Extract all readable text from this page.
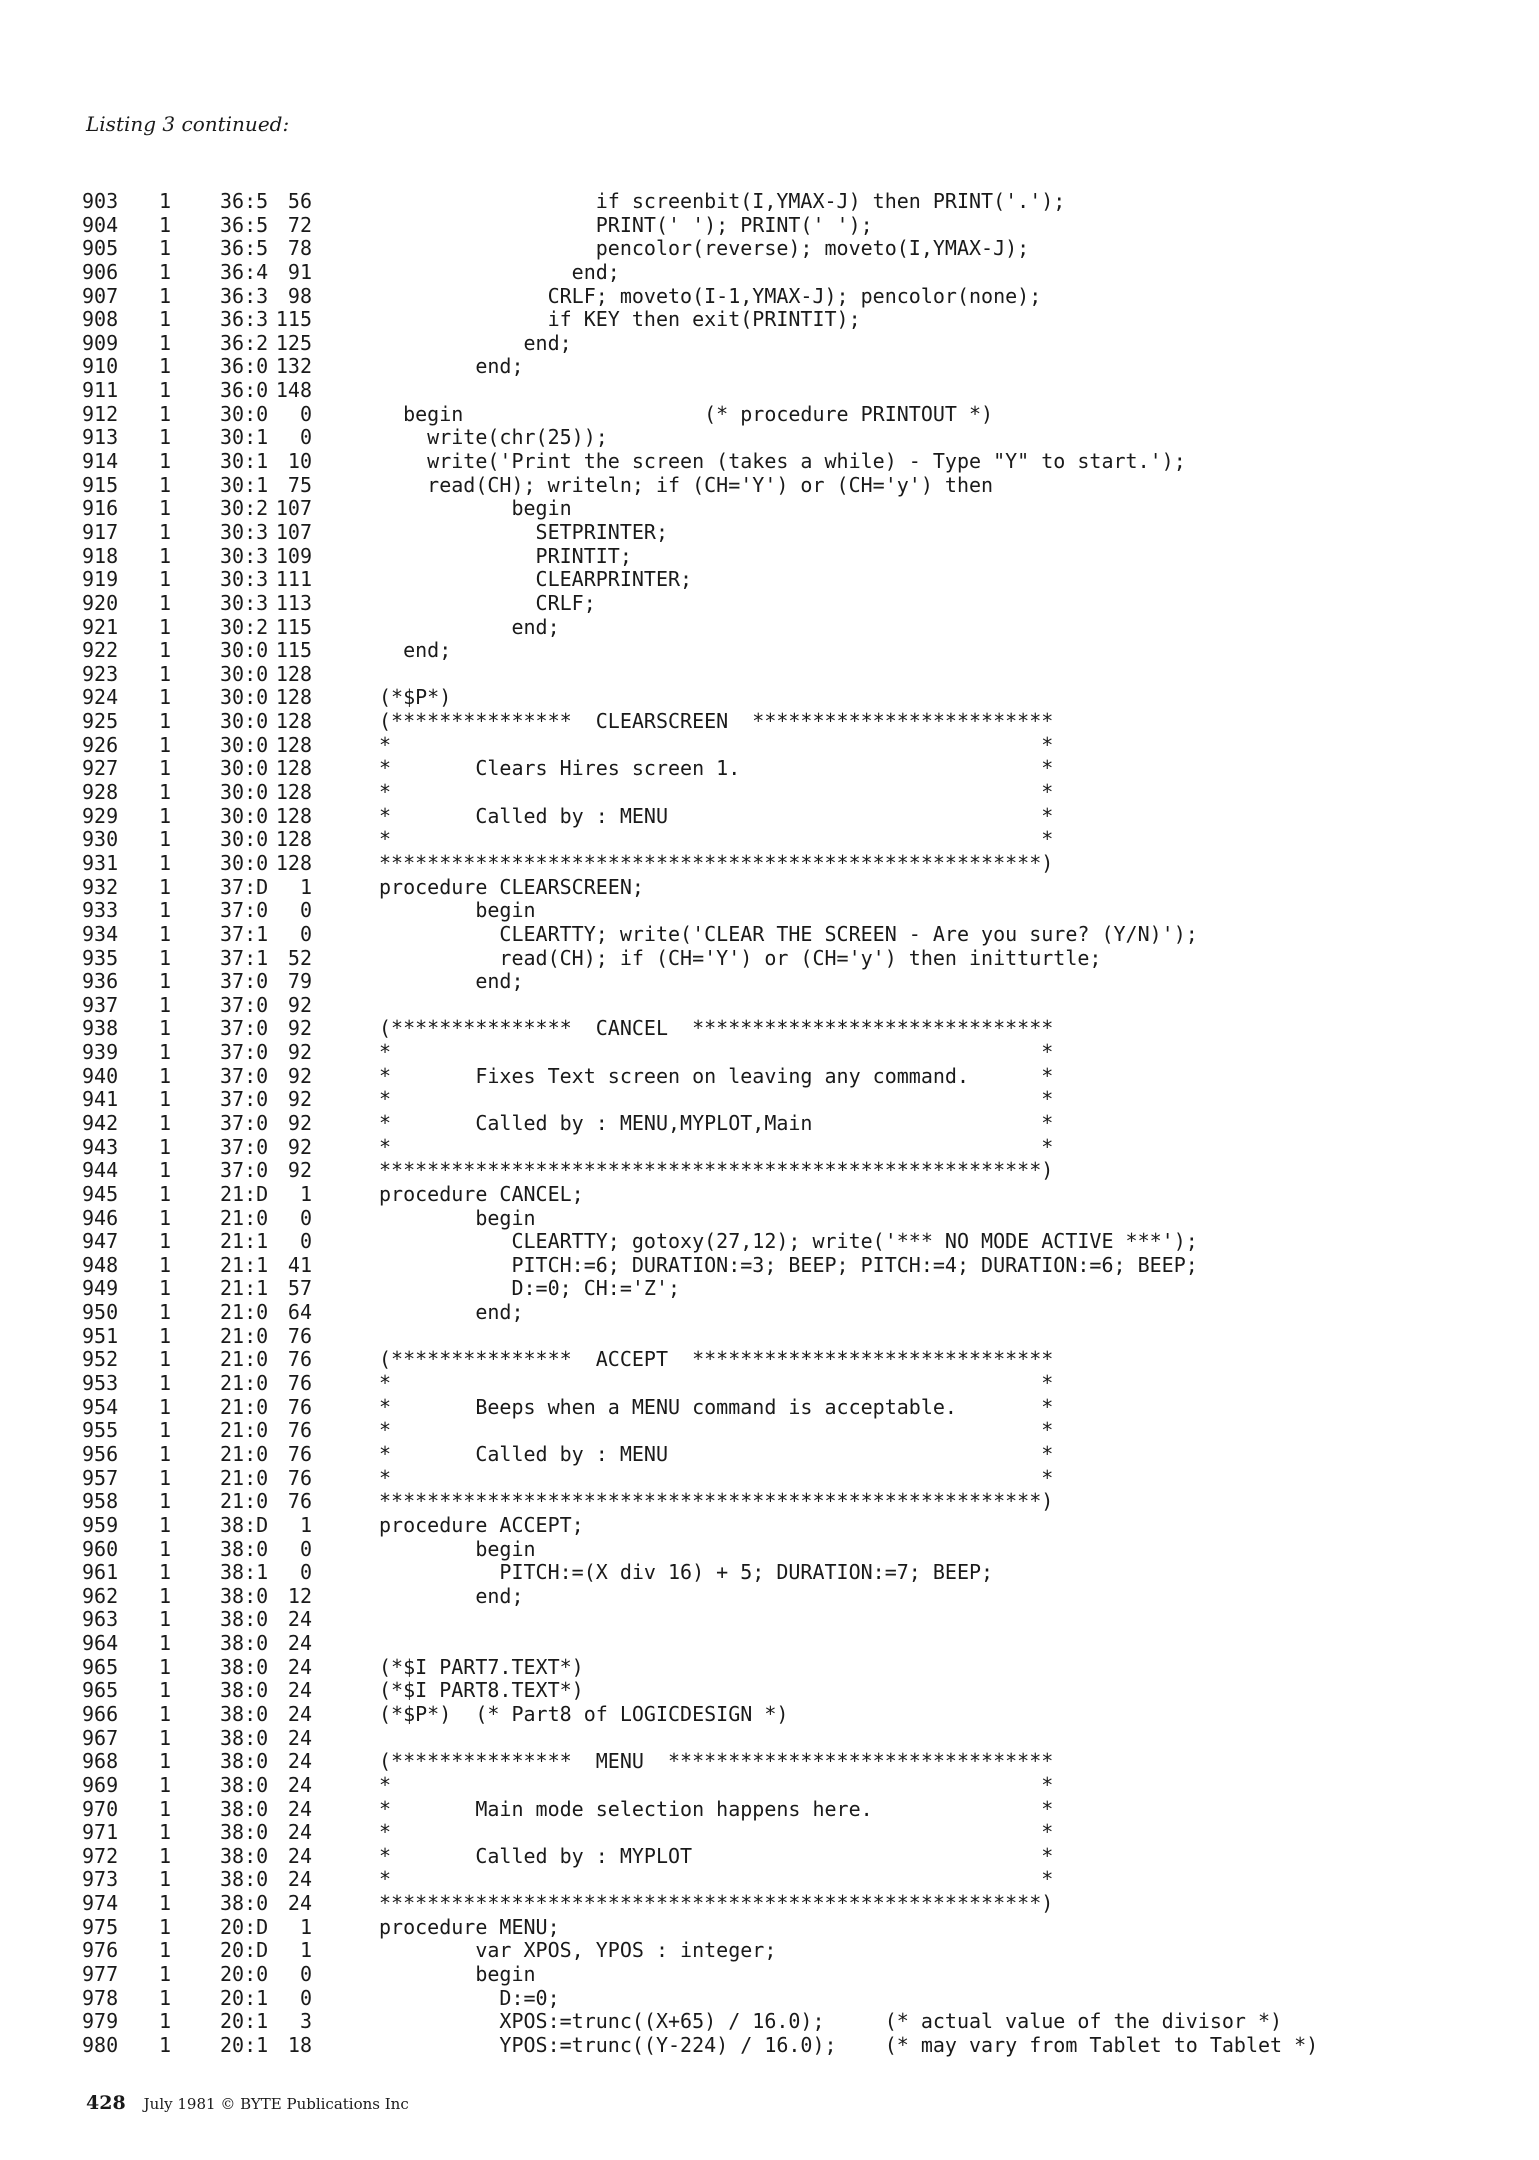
Listing 3 continued:
903 1 36:5 56	if screenbit(I,YMAX-J) then PRINT('.');
904 1 36:5 72	PRINT(' '); PRINT(' ');
905 1 36:5 78	pencolor(reverse); moveto(I,YMAX-J);
906 1 36:4 91	end;
907 1 36:3 98	CRLF; moveto(I-1,YMAX-J); pencolor(none);
908 1 36:3 115	if KEY then exit(PRINTIT);
909 1 36:2 125	end;
910 1 36:0 132	end;
911 1 36:0 148
912 1 30:0 0	begin                    (* procedure PRINTOUT *)
913 1 30:1 0	write(chr(25));
914 1 30:1 10	write('Print the screen (takes a while) - Type "Y" to start.');
915 1 30:1 75	read(CH); writeln; if (CH='Y') or (CH='y') then
916 1 30:2 107	begin
917 1 30:3 107	SETPRINTER;
918 1 30:3 109	PRINTIT;
919 1 30:3 111	CLEARPRINTER;
920 1 30:3 113	CRLF;
921 1 30:2 115	end;
922 1 30:0 115	end;
923 1 30:0 128
924 1 30:0 128	(*$P*)
925 1 30:0 128	(***************  CLEARSCREEN  *************************
926 1 30:0 128	*                                                      *
927 1 30:0 128	*       Clears Hires screen 1.                         *
928 1 30:0 128	*                                                      *
929 1 30:0 128	*       Called by : MENU                               *
930 1 30:0 128	*                                                      *
931 1 30:0 128	*******************************************************)
932 1 37:D 1	procedure CLEARSCREEN;
933 1 37:0 0	begin
934 1 37:1 0	CLEARTTY; write('CLEAR THE SCREEN - Are you sure? (Y/N)');
935 1 37:1 52	read(CH); if (CH='Y') or (CH='y') then initturtle;
936 1 37:0 79	end;
937 1 37:0 92
938 1 37:0 92	(***************  CANCEL  ******************************
939 1 37:0 92	*                                                      *
940 1 37:0 92	*       Fixes Text screen on leaving any command.      *
941 1 37:0 92	*                                                      *
942 1 37:0 92	*       Called by : MENU,MYPLOT,Main                   *
943 1 37:0 92	*                                                      *
944 1 37:0 92	*******************************************************)
945 1 21:D 1	procedure CANCEL;
946 1 21:0 0	begin
947 1 21:1 0	CLEARTTY; gotoxy(27,12); write('*** NO MODE ACTIVE ***');
948 1 21:1 41	PITCH:=6; DURATION:=3; BEEP; PITCH:=4; DURATION:=6; BEEP;
949 1 21:1 57	D:=0; CH:='Z';
950 1 21:0 64	end;
951 1 21:0 76
952 1 21:0 76	(***************  ACCEPT  ******************************
953 1 21:0 76	*                                                      *
954 1 21:0 76	*       Beeps when a MENU command is acceptable.       *
955 1 21:0 76	*                                                      *
956 1 21:0 76	*       Called by : MENU                               *
957 1 21:0 76	*                                                      *
958 1 21:0 76	*******************************************************)
959 1 38:D 1	procedure ACCEPT;
960 1 38:0 0	begin
961 1 38:1 0	PITCH:=(X div 16) + 5; DURATION:=7; BEEP;
962 1 38:0 12	end;
963 1 38:0 24
964 1 38:0 24
965 1 38:0 24	(*$I PART7.TEXT*)
965 1 38:0 24	(*$I PART8.TEXT*)
966 1 38:0 24	(*$P*)  (* Part8 of LOGICDESIGN *)
967 1 38:0 24
968 1 38:0 24	(***************  MENU  ********************************
969 1 38:0 24	*                                                      *
970 1 38:0 24	*       Main mode selection happens here.              *
971 1 38:0 24	*                                                      *
972 1 38:0 24	*       Called by : MYPLOT                             *
973 1 38:0 24	*                                                      *
974 1 38:0 24	*******************************************************)
975 1 20:D 1	procedure MENU;
976 1 20:D 1	var XPOS, YPOS : integer;
977 1 20:0 0	begin
978 1 20:1 0	D:=0;
979 1 20:1 3	XPOS:=trunc((X+65) / 16.0);     (* actual value of the divisor *)
980 1 20:1 18	YPOS:=trunc((Y-224) / 16.0);    (* may vary from Tablet to Tablet *)
428 July 1981 © BYTE Publications Inc
